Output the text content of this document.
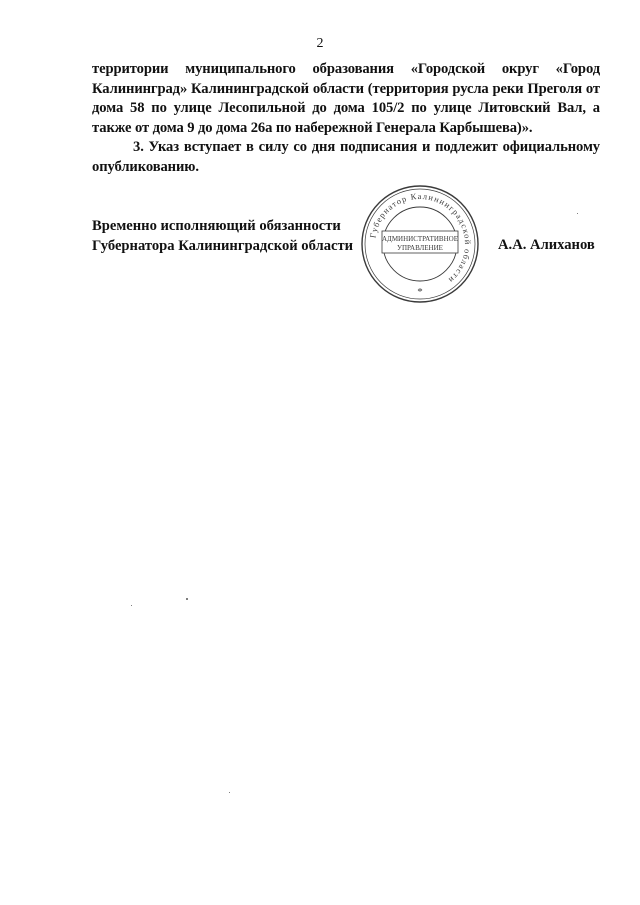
2

территории муниципального образования «Городской округ «Город Калининград» Калининградской области (территория русла реки Преголя от дома 58 по улице Лесопильной до дома 105/2 по улице Литовский Вал, а также от дома 9 до дома 26а по набережной Генерала Карбышева)».

3. Указ вступает в силу со дня подписания и подлежит официальному опубликованию.

Временно исполняющий обязанности
Губернатора Калининградской области	А.А. Алиханов
Губернатор Калининградской области
АДМИНИСТРАТИВНОЕ
УПРАВЛЕНИЕ
*
